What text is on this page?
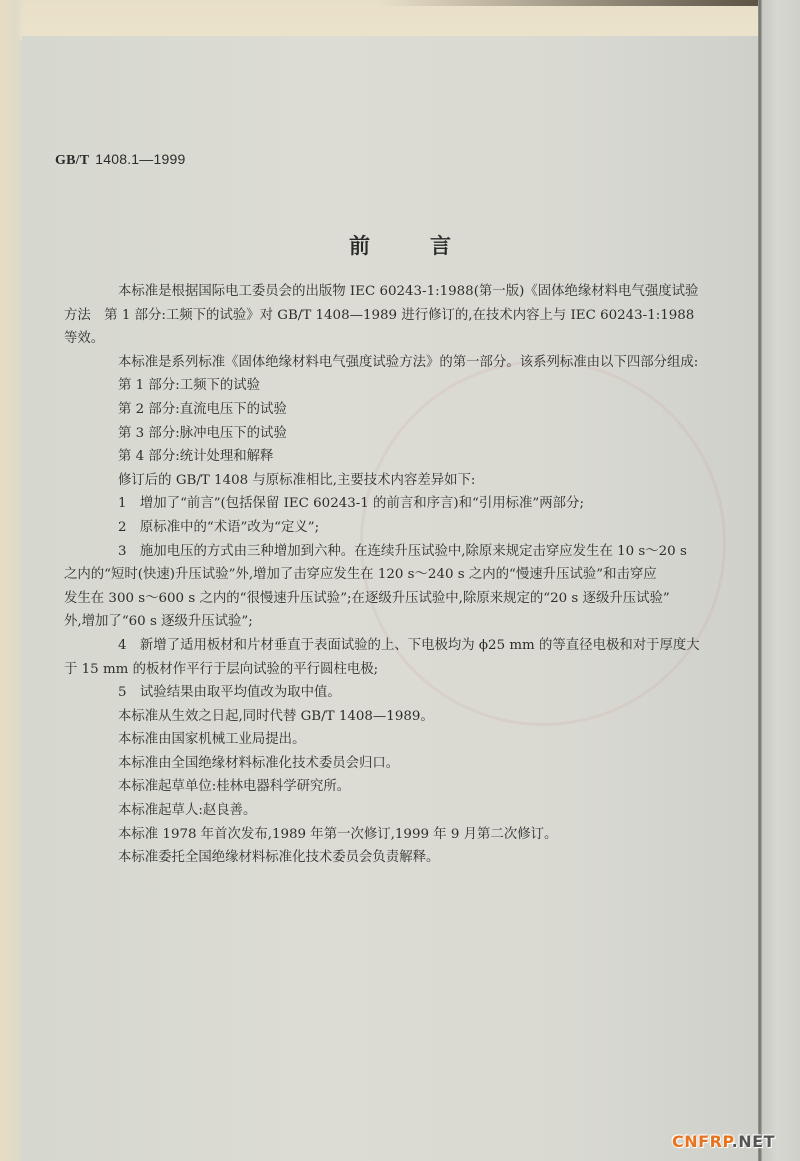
GB/T 1408.1—1999
前	言

本标准是根据国际电工委员会的出版物 IEC 60243-1:1988(第一版)《固体绝缘材料电气强度试验

方法　第 1 部分:工频下的试验》对 GB/T 1408—1989 进行修订的,在技术内容上与 IEC 60243-1:1988

等效。

本标准是系列标准《固体绝缘材料电气强度试验方法》的第一部分。该系列标准由以下四部分组成:

第 1 部分:工频下的试验

第 2 部分:直流电压下的试验

第 3 部分:脉冲电压下的试验

第 4 部分:统计处理和解释

修订后的 GB/T 1408 与原标准相比,主要技术内容差异如下:

1　增加了“前言”(包括保留 IEC 60243-1 的前言和序言)和“引用标准”两部分;

2　原标准中的“术语”改为“定义”;

3　施加电压的方式由三种增加到六种。在连续升压试验中,除原来规定击穿应发生在 10 s～20 s

之内的“短时(快速)升压试验”外,增加了击穿应发生在 120 s～240 s 之内的“慢速升压试验”和击穿应

发生在 300 s～600 s 之内的“很慢速升压试验”;在逐级升压试验中,除原来规定的“20 s 逐级升压试验”

外,增加了“60 s 逐级升压试验”;

4　新增了适用板材和片材垂直于表面试验的上、下电极均为 ϕ25 mm 的等直径电极和对于厚度大

于 15 mm 的板材作平行于层向试验的平行圆柱电极;

5　试验结果由取平均值改为取中值。

本标准从生效之日起,同时代替 GB/T 1408—1989。

本标准由国家机械工业局提出。

本标准由全国绝缘材料标准化技术委员会归口。

本标准起草单位:桂林电器科学研究所。

本标准起草人:赵良善。

本标准 1978 年首次发布,1989 年第一次修订,1999 年 9 月第二次修订。

本标准委托全国绝缘材料标准化技术委员会负责解释。

CNFRP.NET
